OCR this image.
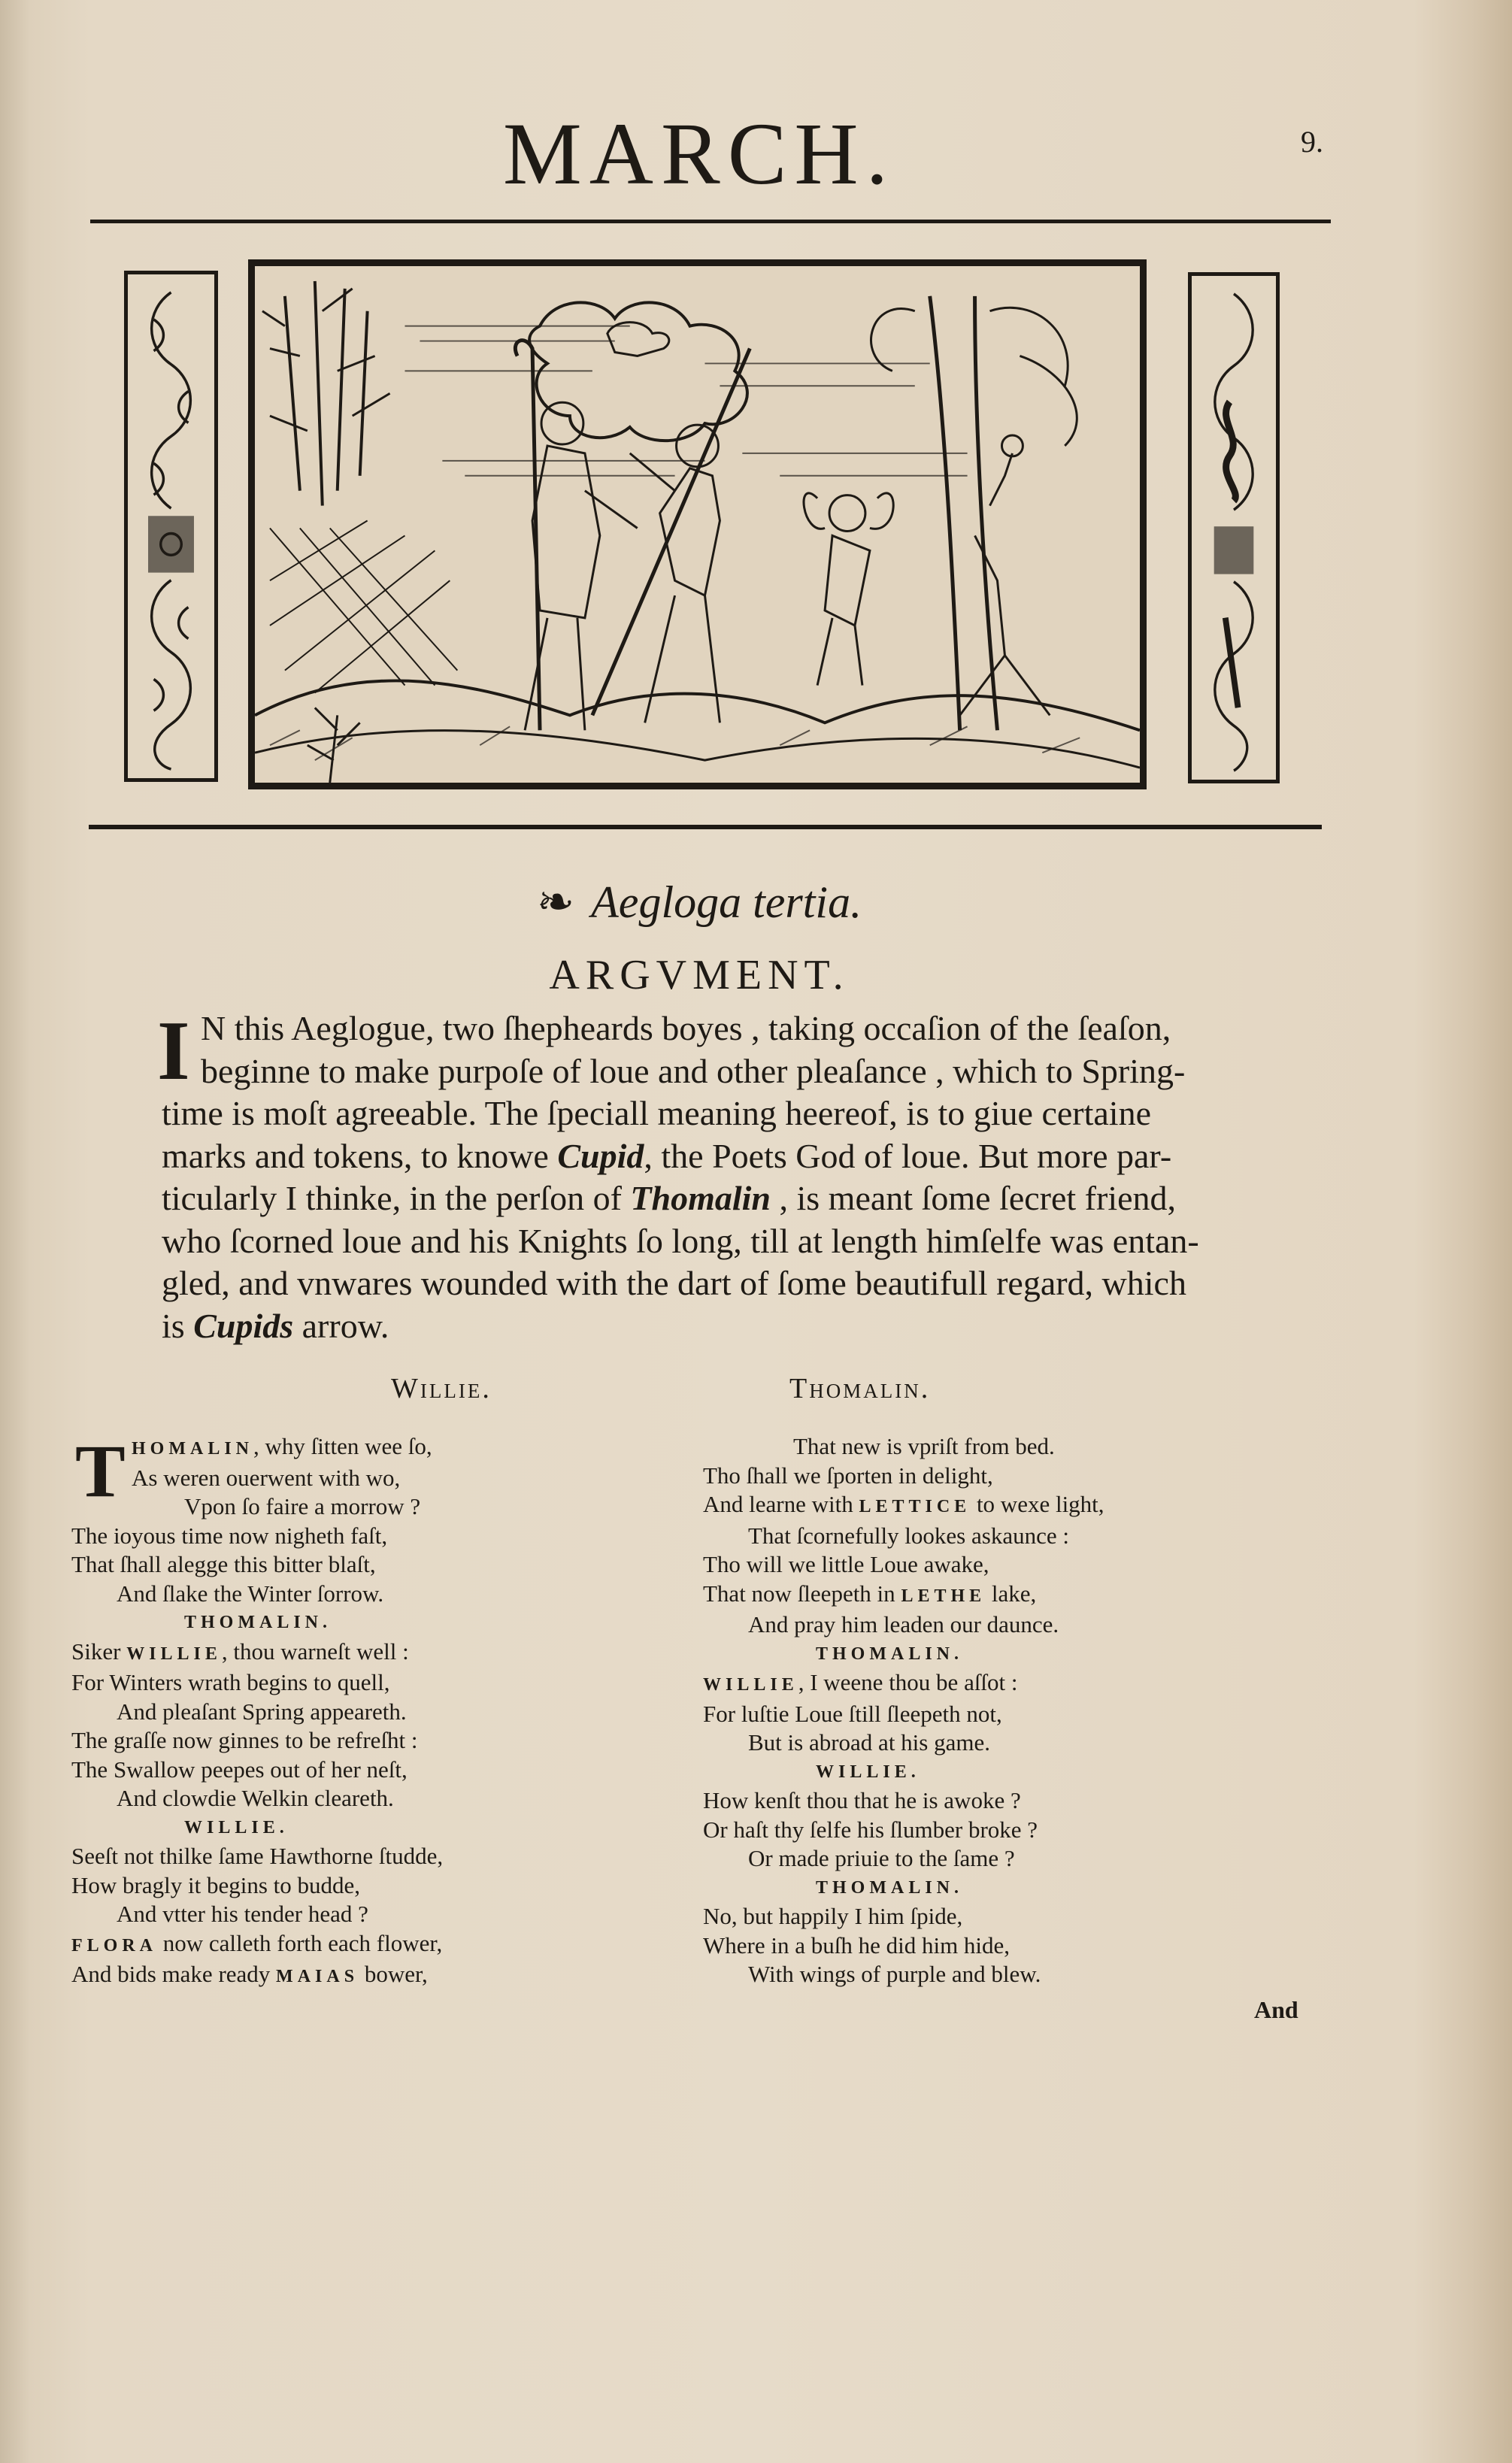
MARCH.	9.
❧ Aegloga tertia.
ARGVMENT.
I N this Aeglogue, two ſhepheards boyes , taking occaſion of the ſeaſon,
beginne to make purpoſe of loue and other pleaſance , which to Spring-
time is moſt agreeable. The ſpeciall meaning heereof, is to giue certaine
marks and tokens, to knowe Cupid, the Poets God of loue. But more par-
ticularly I thinke, in the perſon of Thomalin , is meant ſome ſecret friend,
who ſcorned loue and his Knights ſo long, till at length himſelfe was entan-
gled, and vnwares wounded with the dart of ſome beautifull regard, which
is Cupids arrow.
Willie.
T HOMALIN, why ſitten wee ſo,
As weren ouerwent with wo,
Vpon ſo faire a morrow ?
The ioyous time now nigheth faſt,
That ſhall alegge this bitter blaſt,
And ſlake the Winter ſorrow.
THOMALIN.
Siker WILLIE, thou warneſt well :
For Winters wrath begins to quell,
And pleaſant Spring appeareth.
The graſſe now ginnes to be refreſht :
The Swallow peepes out of her neſt,
And clowdie Welkin cleareth.
WILLIE.
Seeſt not thilke ſame Hawthorne ſtudde,
How bragly it begins to budde,
And vtter his tender head ?
FLORA now calleth forth each flower,
And bids make ready MAIAS bower,
Thomalin.
That new is vpriſt from bed.
Tho ſhall we ſporten in delight,
And learne with LETTICE to wexe light,
That ſcornefully lookes askaunce :
Tho will we little Loue awake,
That now ſleepeth in LETHE lake,
And pray him leaden our daunce.
THOMALIN.
WILLIE, I weene thou be aſſot :
For luſtie Loue ſtill ſleepeth not,
But is abroad at his game.
WILLIE.
How kenſt thou that he is awoke ?
Or haſt thy ſelfe his ſlumber broke ?
Or made priuie to the ſame ?
THOMALIN.
No, but happily I him ſpide,
Where in a buſh he did him hide,
With wings of purple and blew.
And
